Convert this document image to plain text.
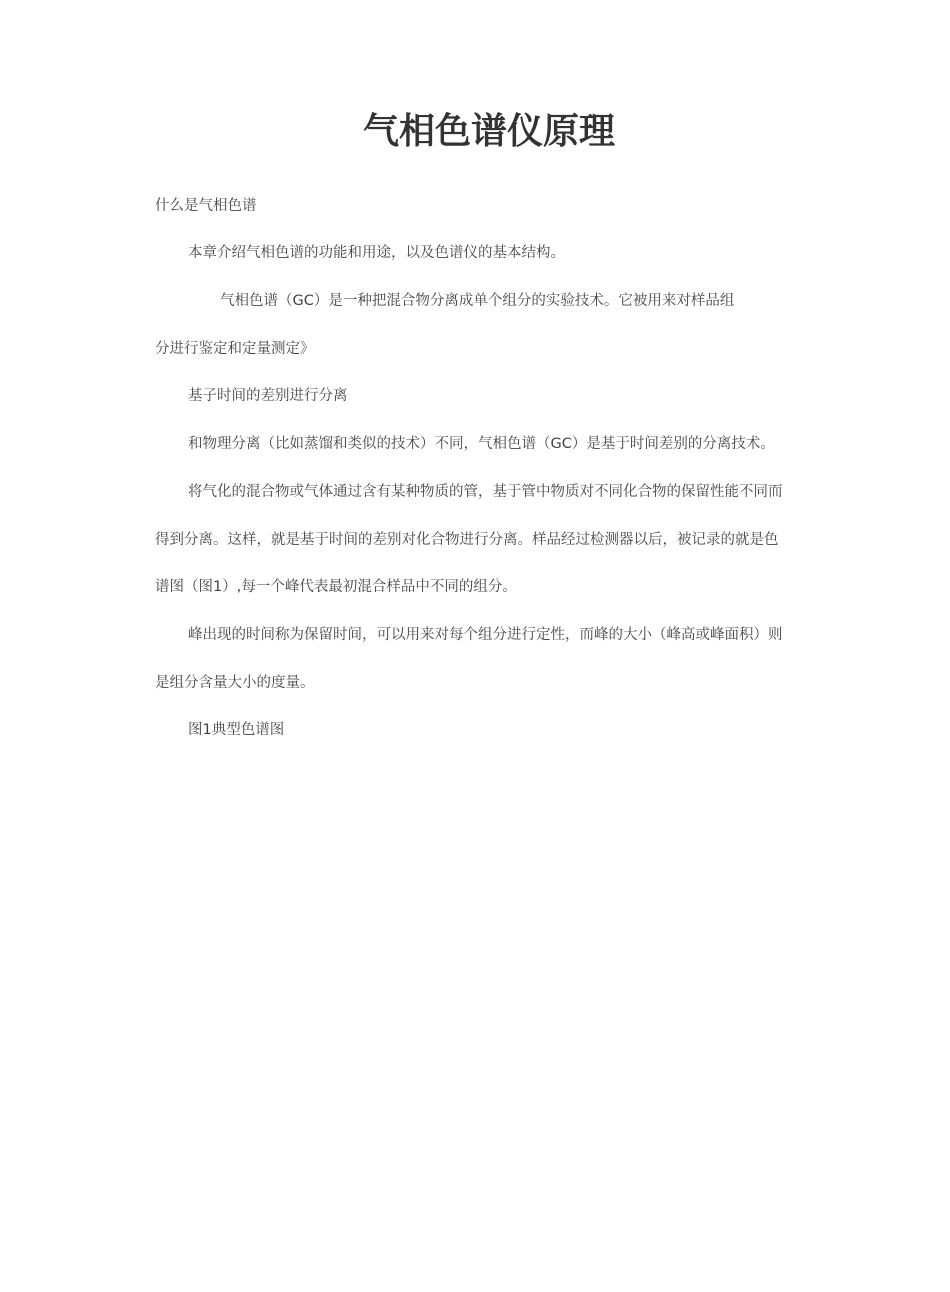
气相色谱仪原理

什么是气相色谱

本章介绍气相色谱的功能和用途，以及色谱仪的基本结构。

气相色谱（GC）是一种把混合物分离成单个组分的实验技术。它被用来对样品组

分进行鉴定和定量测定》

基子时间的差别进行分离

和物理分离（比如蒸馏和类似的技术）不同，气相色谱（GC）是基于时间差别的分离技术。

将气化的混合物或气体通过含有某种物质的管，基于管中物质对不同化合物的保留性能不同而

得到分离。这样，就是基于时间的差别对化合物进行分离。样品经过检测器以后，被记录的就是色

谱图（图1）,每一个峰代表最初混合样品中不同的组分。

峰出现的时间称为保留时间，可以用来对每个组分进行定性，而峰的大小（峰高或峰面积）则

是组分含量大小的度量。

图1典型色谱图
